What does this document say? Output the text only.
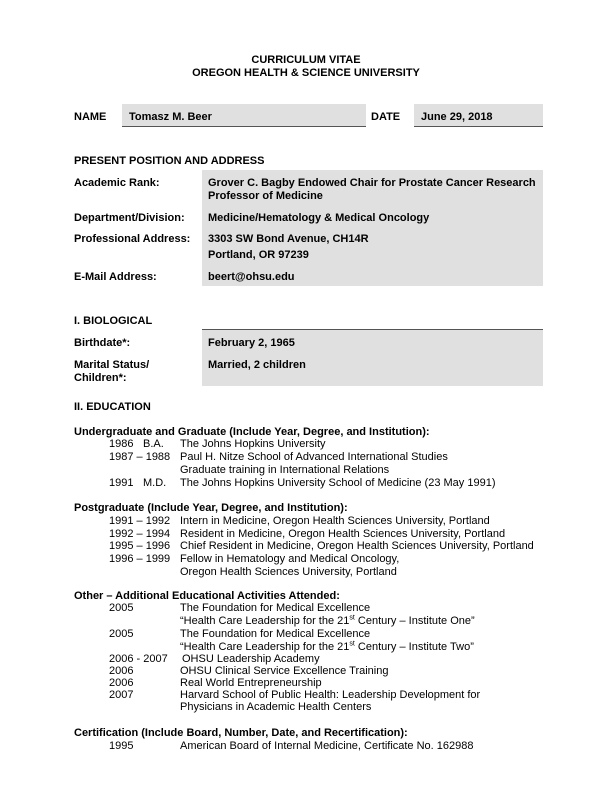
CURRICULUM VITAE
OREGON HEALTH & SCIENCE UNIVERSITY
NAME Tomasz M. Beer	DATE June 29, 2018
PRESENT POSITION AND ADDRESS
Academic Rank:	Grover C. Bagby Endowed Chair for Prostate Cancer Research
Professor of Medicine
Department/Division: Medicine/Hematology & Medical Oncology
Professional Address: 3303 SW Bond Avenue, CH14R
Portland, OR 97239
E-Mail Address:	beert@ohsu.edu
I. BIOLOGICAL
Birthdate*:	February 2, 1965
Marital Status/
Children*:
Married, 2 children
II. EDUCATION
Undergraduate and Graduate (Include Year, Degree, and Institution):
1986 B.A. The Johns Hopkins University
1987 – 1988 Paul H. Nitze School of Advanced International Studies
Graduate training in International Relations
1991 M.D. The Johns Hopkins University School of Medicine (23 May 1991)
Postgraduate (Include Year, Degree, and Institution):
1991 – 1992 Intern in Medicine, Oregon Health Sciences University, Portland
1992 – 1994 Resident in Medicine, Oregon Health Sciences University, Portland
1995 – 1996 Chief Resident in Medicine, Oregon Health Sciences University, Portland
1996 – 1999 Fellow in Hematology and Medical Oncology,
Oregon Health Sciences University, Portland
Other – Additional Educational Activities Attended:
2005	The Foundation for Medical Excellence
“Health Care Leadership for the 21st Century – Institute One”
2005	The Foundation for Medical Excellence
“Health Care Leadership for the 21st Century – Institute Two”
2006 - 2007 OHSU Leadership Academy
2006	OHSU Clinical Service Excellence Training
2006	Real World Entrepreneurship
2007	Harvard School of Public Health: Leadership Development for
Physicians in Academic Health Centers
Certification (Include Board, Number, Date, and Recertification):
1995	American Board of Internal Medicine, Certificate No. 162988
